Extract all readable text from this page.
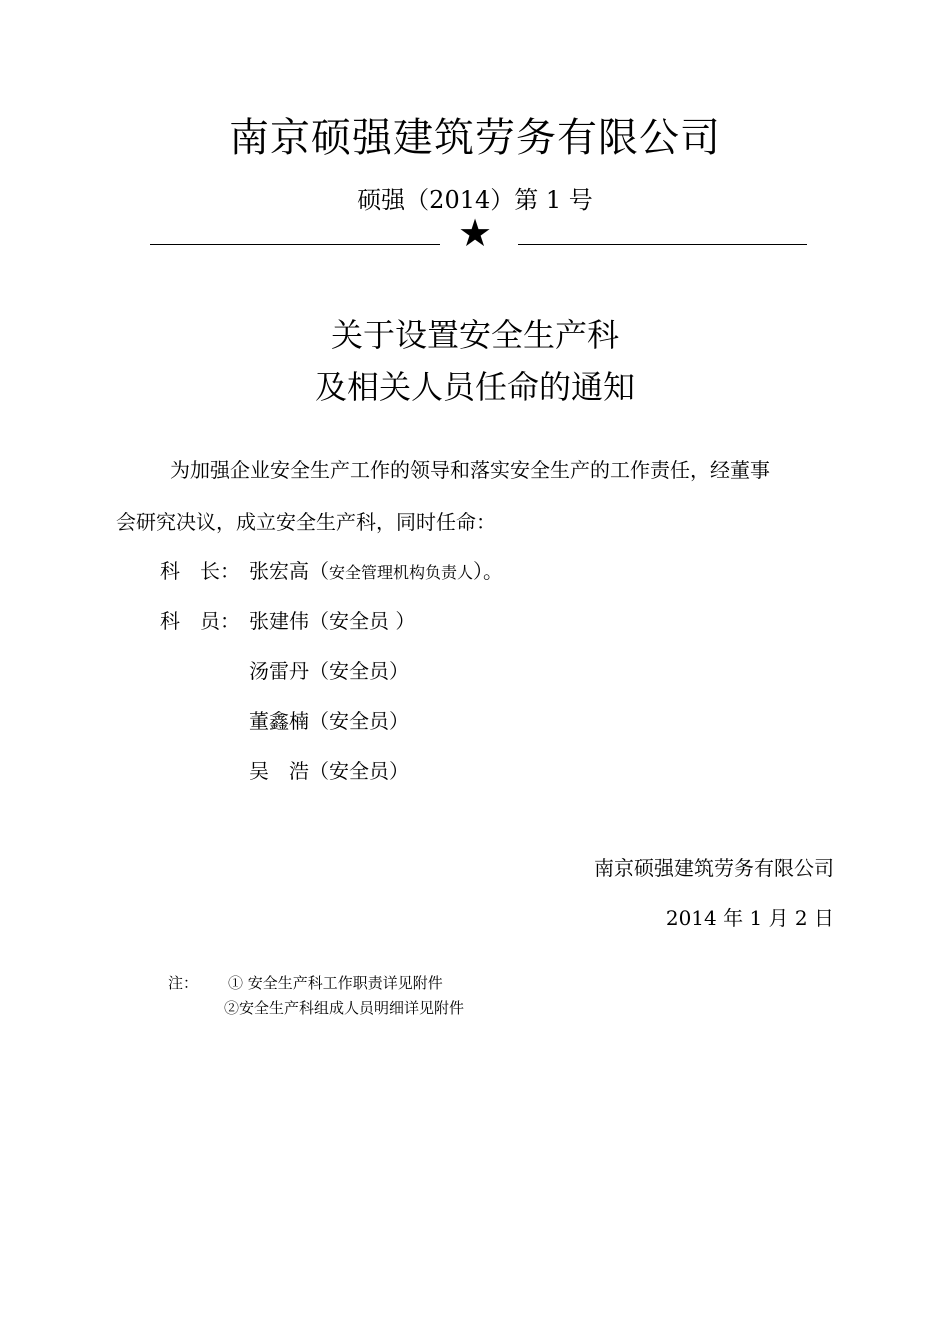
南京硕强建筑劳务有限公司
硕强（2014）第 1 号
★
关于设置安全生产科
及相关人员任命的通知
为加强企业安全生产工作的领导和落实安全生产的工作责任，经董事
会研究决议，成立安全生产科，同时任命：
科　长： 张宏高（安全管理机构负责人）。
科　员： 张建伟（安全员 ）
汤雷丹（安全员）
董鑫楠（安全员）
吴　浩（安全员）
南京硕强建筑劳务有限公司
2014 年 1 月 2 日
注： ① 安全生产科工作职责详见附件
②安全生产科组成人员明细详见附件
